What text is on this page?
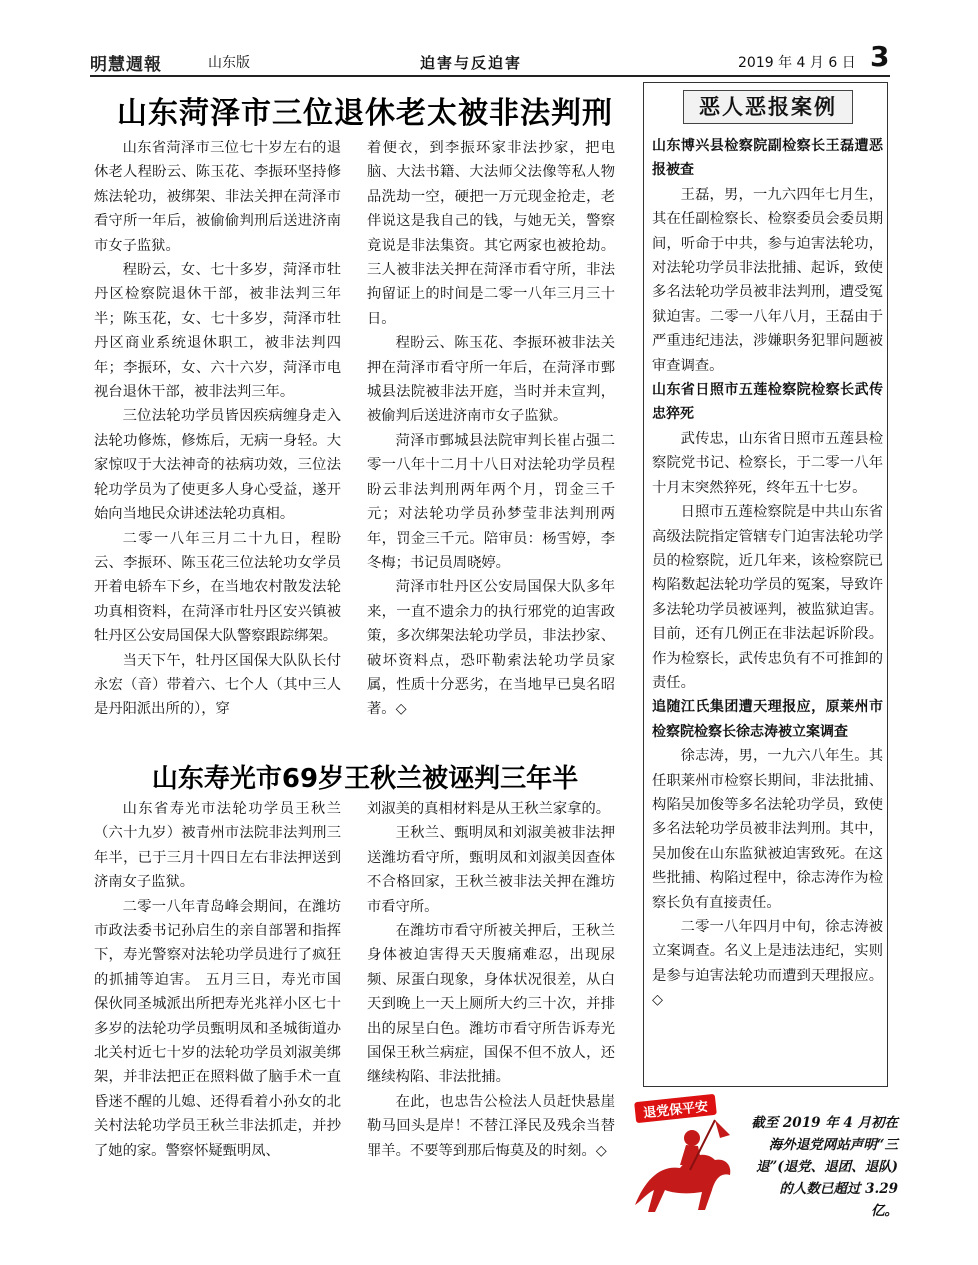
明慧週報	山东版	迫害与反迫害	2019 年 4 月 6 日 3
山东菏泽市三位退休老太被非法判刑

山东省菏泽市三位七十岁左右的退休老人程盼云、陈玉花、李振环坚持修炼法轮功，被绑架、非法关押在菏泽市看守所一年后，被偷偷判刑后送进济南市女子监狱。

程盼云，女、七十多岁，菏泽市牡丹区检察院退休干部，被非法判三年半；陈玉花，女、七十多岁，菏泽市牡丹区商业系统退休职工，被非法判四年；李振环，女、六十六岁，菏泽市电视台退休干部，被非法判三年。

三位法轮功学员皆因疾病缠身走入法轮功修炼，修炼后，无病一身轻。大家惊叹于大法神奇的祛病功效，三位法轮功学员为了使更多人身心受益，遂开始向当地民众讲述法轮功真相。

二零一八年三月二十九日，程盼云、李振环、陈玉花三位法轮功女学员开着电轿车下乡，在当地农村散发法轮功真相资料，在菏泽市牡丹区安兴镇被牡丹区公安局国保大队警察跟踪绑架。

当天下午，牡丹区国保大队队长付永宏（音）带着六、七个人（其中三人是丹阳派出所的），穿

着便衣，到李振环家非法抄家，把电脑、大法书籍、大法师父法像等私人物品洗劫一空，硬把一万元现金抢走，老伴说这是我自己的钱，与她无关，警察竟说是非法集资。其它两家也被抢劫。三人被非法关押在菏泽市看守所，非法拘留证上的时间是二零一八年三月三十日。

程盼云、陈玉花、李振环被非法关押在菏泽市看守所一年后，在菏泽市鄄城县法院被非法开庭，当时并未宣判，被偷判后送进济南市女子监狱。

菏泽市鄄城县法院审判长崔占强二零一八年十二月十八日对法轮功学员程盼云非法判刑两年两个月，罚金三千元；对法轮功学员孙梦莹非法判刑两年，罚金三千元。陪审员：杨雪婷，李冬梅；书记员周晓婷。

菏泽市牡丹区公安局国保大队多年来，一直不遗余力的执行邪党的迫害政策，多次绑架法轮功学员，非法抄家、破坏资料点，恐吓勒索法轮功学员家属，性质十分恶劣，在当地早已臭名昭著。◇

山东寿光市69岁王秋兰被诬判三年半

山东省寿光市法轮功学员王秋兰（六十九岁）被青州市法院非法判刑三年半，已于三月十四日左右非法押送到济南女子监狱。

二零一八年青岛峰会期间，在潍坊市政法委书记孙启生的亲自部署和指挥下，寿光警察对法轮功学员进行了疯狂的抓捕等迫害。 五月三日，寿光市国保伙同圣城派出所把寿光兆祥小区七十多岁的法轮功学员甄明凤和圣城街道办北关村近七十岁的法轮功学员刘淑美绑架，并非法把正在照料做了脑手术一直昏迷不醒的儿媳、还得看着小孙女的北关村法轮功学员王秋兰非法抓走，并抄了她的家。警察怀疑甄明凤、

刘淑美的真相材料是从王秋兰家拿的。

王秋兰、甄明凤和刘淑美被非法押送潍坊看守所，甄明凤和刘淑美因查体不合格回家，王秋兰被非法关押在潍坊市看守所。

在潍坊市看守所被关押后，王秋兰身体被迫害得天天腹痛难忍，出现尿频、尿蛋白现象，身体状况很差，从白天到晚上一天上厕所大约三十次，并排出的尿呈白色。潍坊市看守所告诉寿光国保王秋兰病症，国保不但不放人，还继续构陷、非法批捕。

在此，也忠告公检法人员赶快悬崖勒马回头是岸！不替江泽民及残余当替罪羊。不要等到那后悔莫及的时刻。◇

恶人恶报案例
山东博兴县检察院副检察长王磊遭恶报被查

王磊，男，一九六四年七月生，其在任副检察长、检察委员会委员期间，听命于中共，参与迫害法轮功，对法轮功学员非法批捕、起诉，致使多名法轮功学员被非法判刑，遭受冤狱迫害。二零一八年八月，王磊由于严重违纪违法，涉嫌职务犯罪问题被审查调查。

山东省日照市五莲检察院检察长武传忠猝死

武传忠，山东省日照市五莲县检察院党书记、检察长，于二零一八年十月末突然猝死，终年五十七岁。

日照市五莲检察院是中共山东省高级法院指定管辖专门迫害法轮功学员的检察院，近几年来，该检察院已构陷数起法轮功学员的冤案，导致许多法轮功学员被诬判，被监狱迫害。目前，还有几例正在非法起诉阶段。作为检察长，武传忠负有不可推卸的责任。

追随江氏集团遭天理报应，原莱州市检察院检察长徐志涛被立案调查

徐志涛，男，一九六八年生。其任职莱州市检察长期间，非法批捕、构陷吴加俊等多名法轮功学员，致使多名法轮功学员被非法判刑。其中，吴加俊在山东监狱被迫害致死。在这些批捕、构陷过程中，徐志涛作为检察长负有直接责任。

二零一八年四月中旬，徐志涛被立案调查。名义上是违法违纪，实则是参与迫害法轮功而遭到天理报应。◇

退党保平安
截至 2019 年 4 月初在海外退党网站声明“三退”(退党、退团、退队)的人数已超过 3.29 亿。
